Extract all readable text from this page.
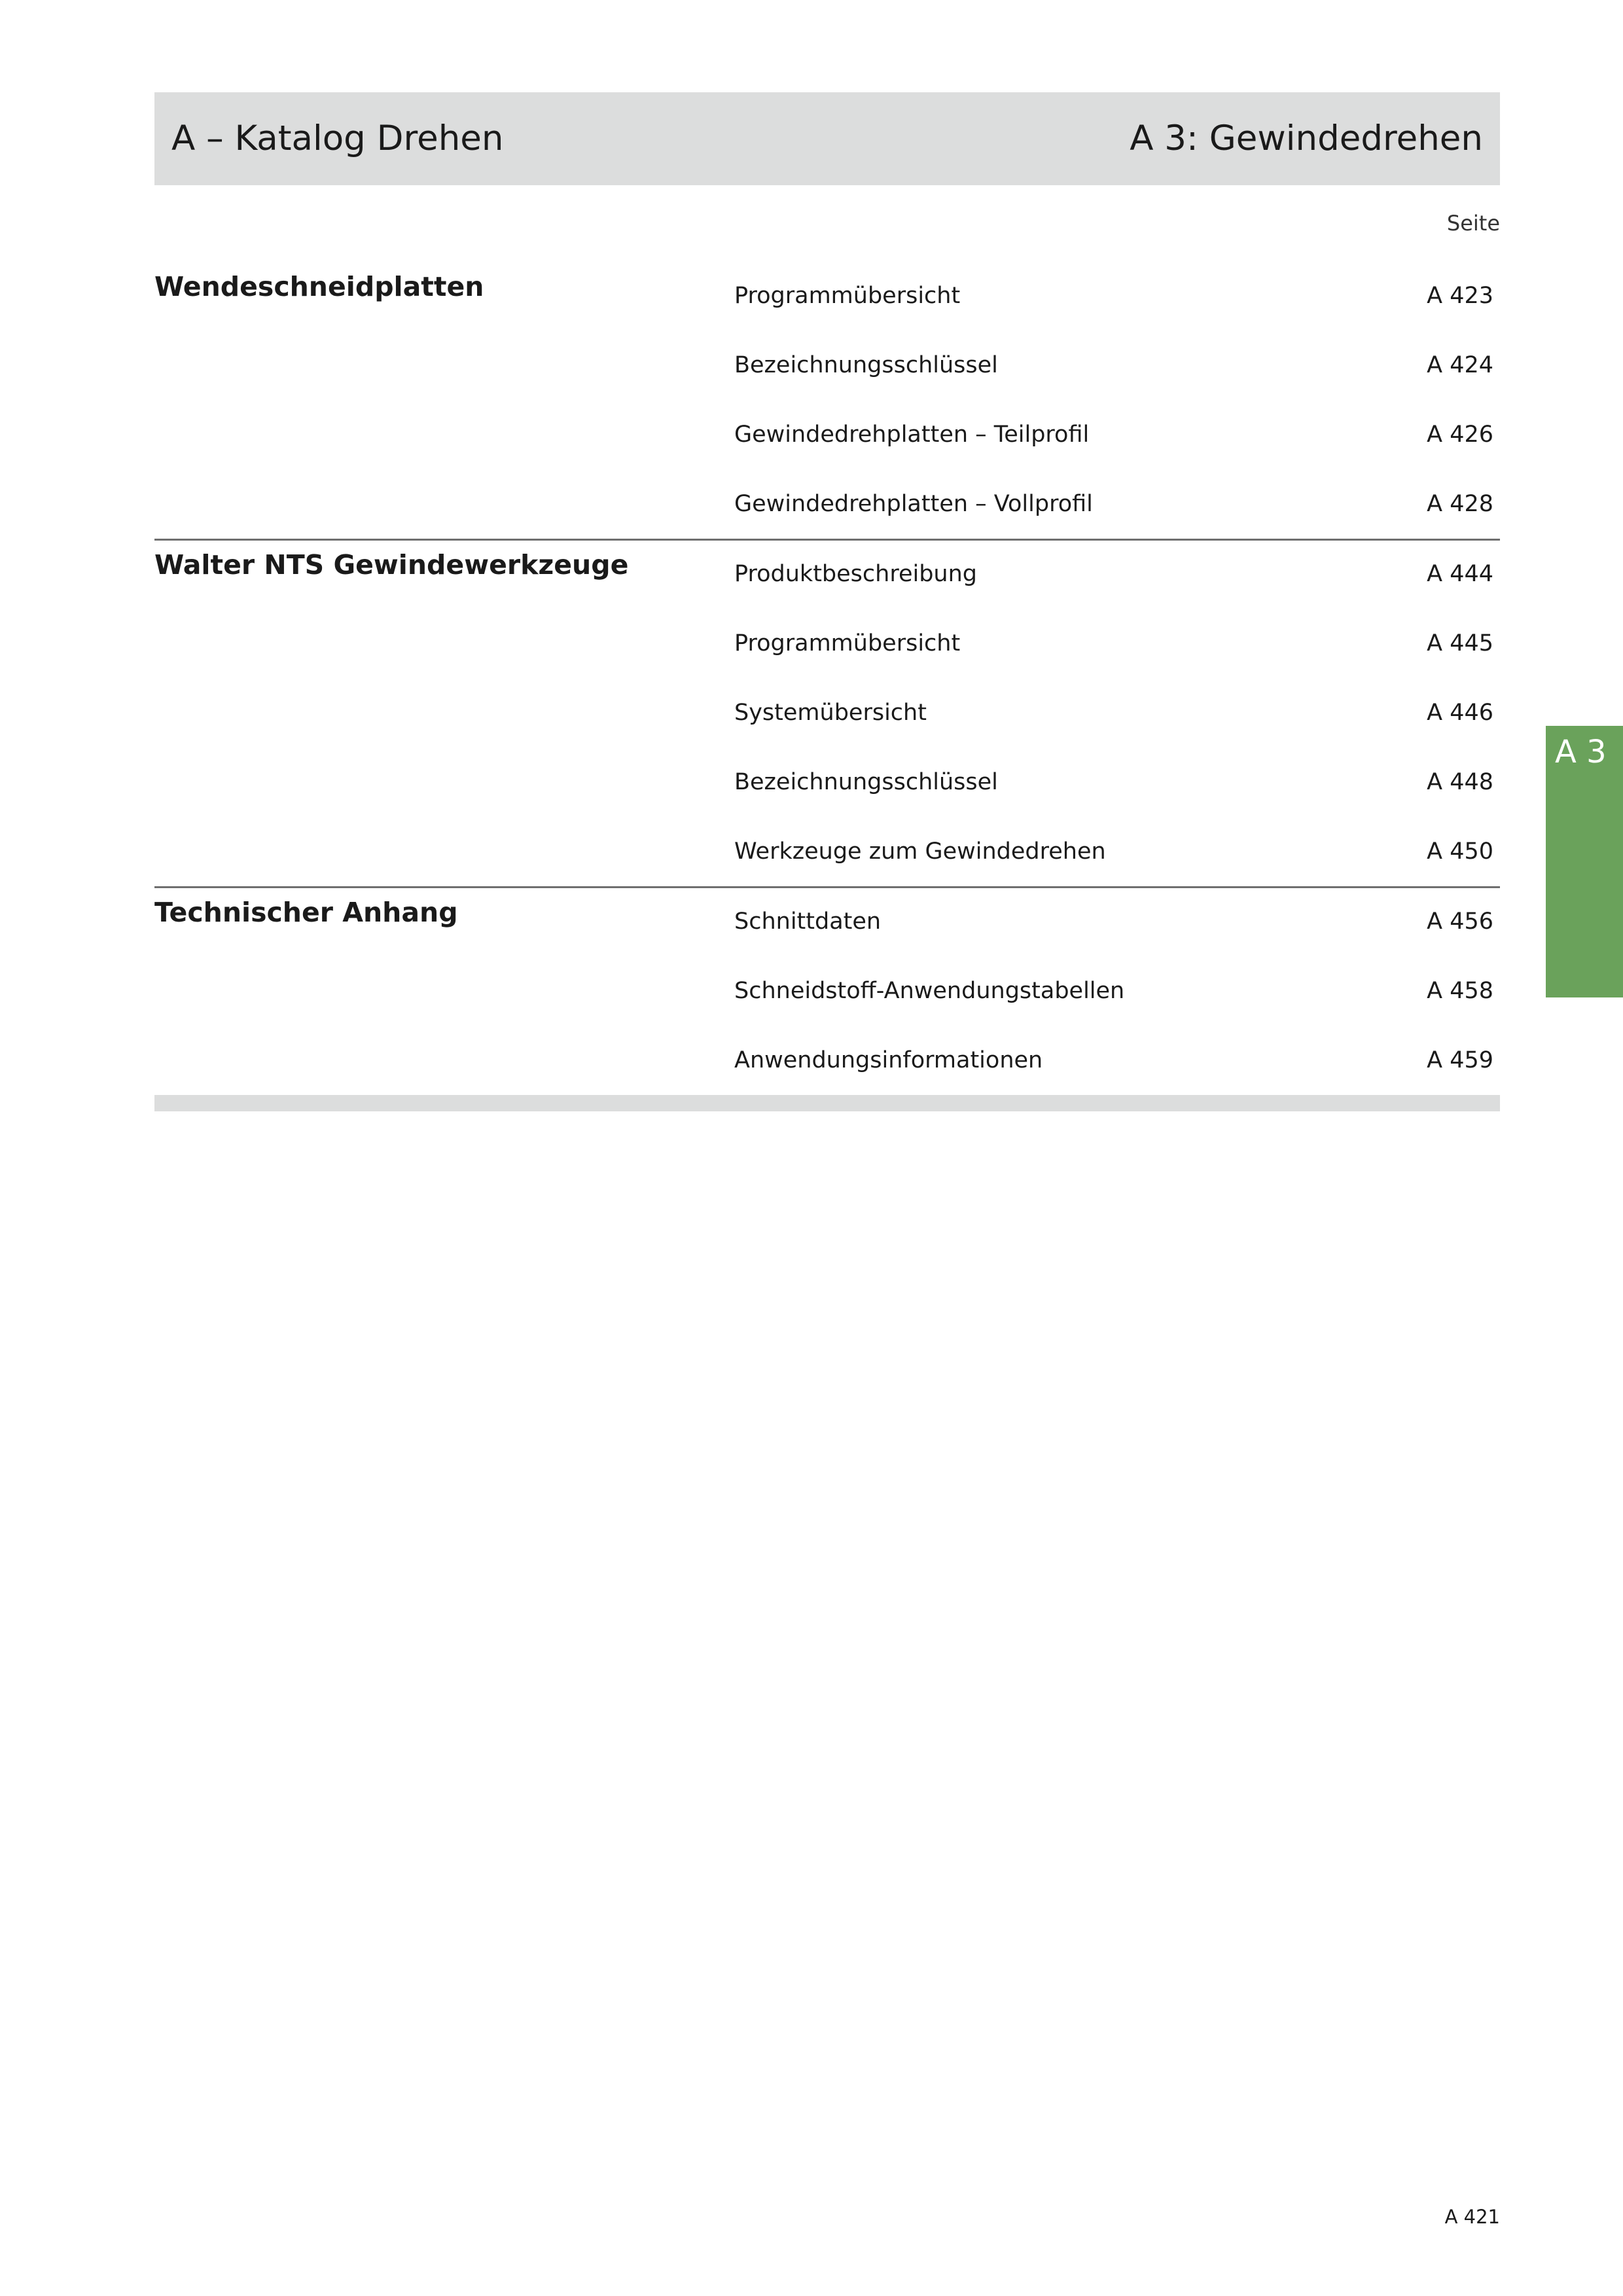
A – Katalog Drehen	A 3: Gewindedrehen
Seite
Wendeschneidplatten	Programmübersicht	A 423
Bezeichnungsschlüssel	A 424
Gewindedrehplatten – Teilprofil	A 426
Gewindedrehplatten – Vollprofil	A 428
Walter NTS Gewindewerkzeuge	Produktbeschreibung	A 444
Programmübersicht	A 445
Systemübersicht	A 446
Bezeichnungsschlüssel	A 448
Werkzeuge zum Gewindedrehen	A 450
Technischer Anhang	Schnittdaten	A 456
Schneidstoff-Anwendungstabellen	A 458
Anwendungsinformationen	A 459
A 3
A 421
